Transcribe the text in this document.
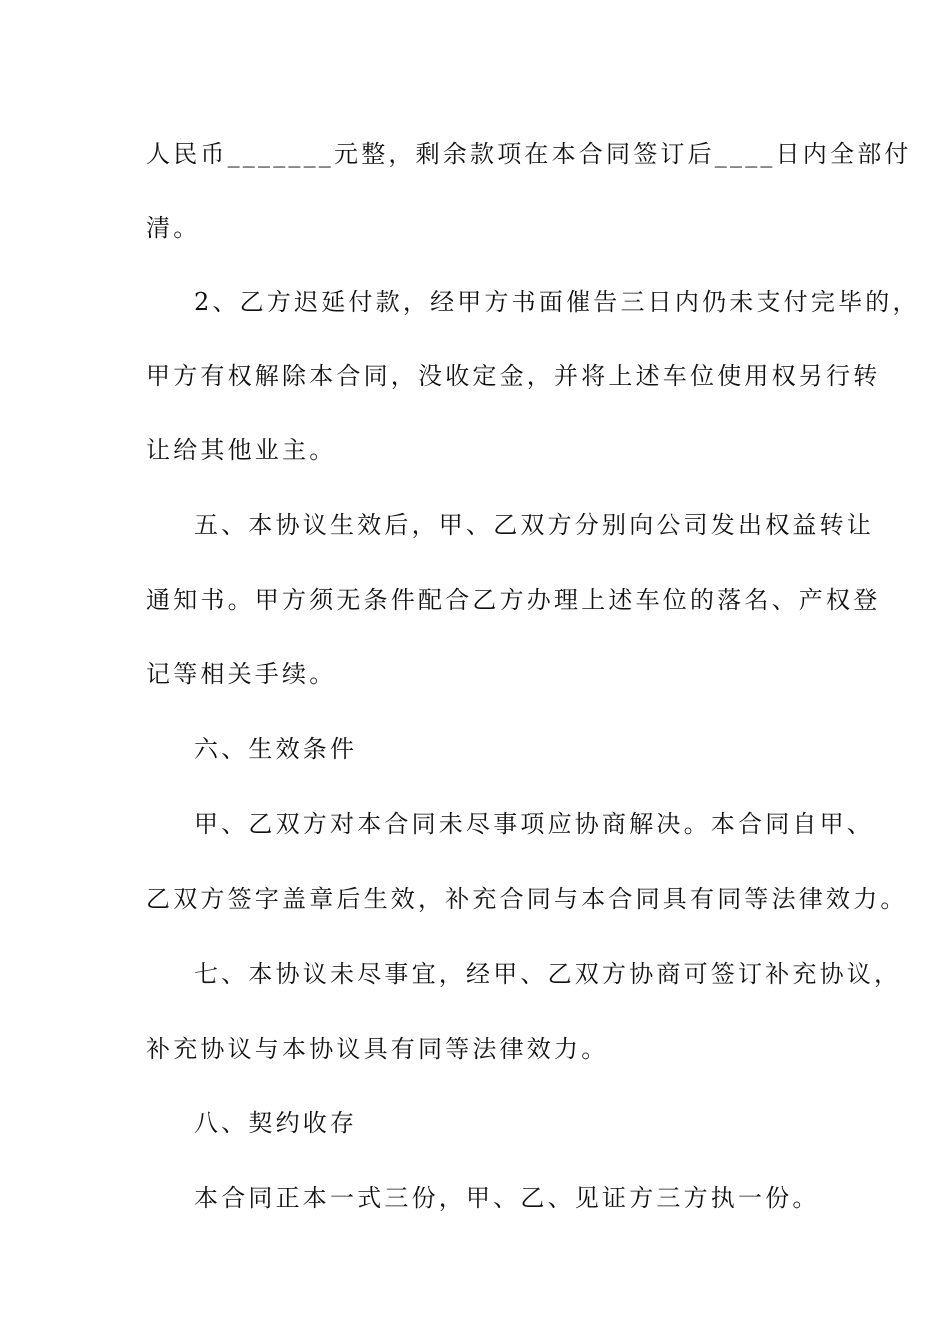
人民币_______元整，剩余款项在本合同签订后____日内全部付
清。
2、乙方迟延付款，经甲方书面催告三日内仍未支付完毕的，
甲方有权解除本合同，没收定金，并将上述车位使用权另行转
让给其他业主。
五、本协议生效后，甲、乙双方分别向公司发出权益转让
通知书。甲方须无条件配合乙方办理上述车位的落名、产权登
记等相关手续。
六、生效条件
甲、乙双方对本合同未尽事项应协商解决。本合同自甲、
乙双方签字盖章后生效，补充合同与本合同具有同等法律效力。
七、本协议未尽事宜，经甲、乙双方协商可签订补充协议，
补充协议与本协议具有同等法律效力。
八、契约收存
本合同正本一式三份，甲、乙、见证方三方执一份。
